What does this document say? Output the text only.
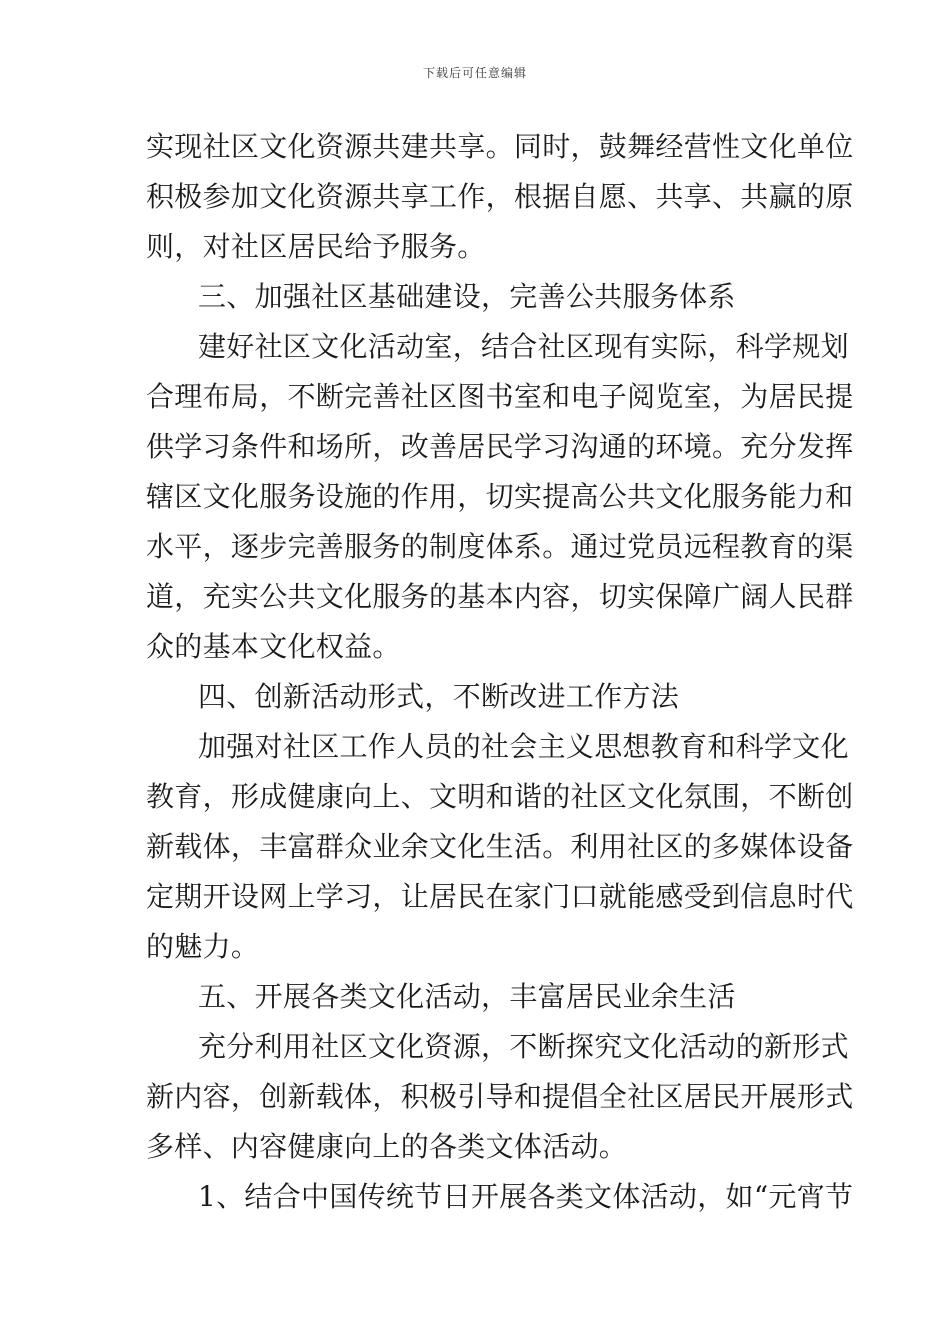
下载后可任意编辑
实现社区文化资源共建共享。同时，鼓舞经营性文化单位
积极参加文化资源共享工作，根据自愿、共享、共赢的原
则，对社区居民给予服务。
三、加强社区基础建设，完善公共服务体系
建好社区文化活动室，结合社区现有实际，科学规划
合理布局，不断完善社区图书室和电子阅览室，为居民提
供学习条件和场所，改善居民学习沟通的环境。充分发挥
辖区文化服务设施的作用，切实提高公共文化服务能力和
水平，逐步完善服务的制度体系。通过党员远程教育的渠
道，充实公共文化服务的基本内容，切实保障广阔人民群
众的基本文化权益。
四、创新活动形式，不断改进工作方法
加强对社区工作人员的社会主义思想教育和科学文化
教育，形成健康向上、文明和谐的社区文化氛围，不断创
新载体，丰富群众业余文化生活。利用社区的多媒体设备
定期开设网上学习，让居民在家门口就能感受到信息时代
的魅力。
五、开展各类文化活动，丰富居民业余生活
充分利用社区文化资源，不断探究文化活动的新形式
新内容，创新载体，积极引导和提倡全社区居民开展形式
多样、内容健康向上的各类文体活动。
1、结合中国传统节日开展各类文体活动，如“元宵节
